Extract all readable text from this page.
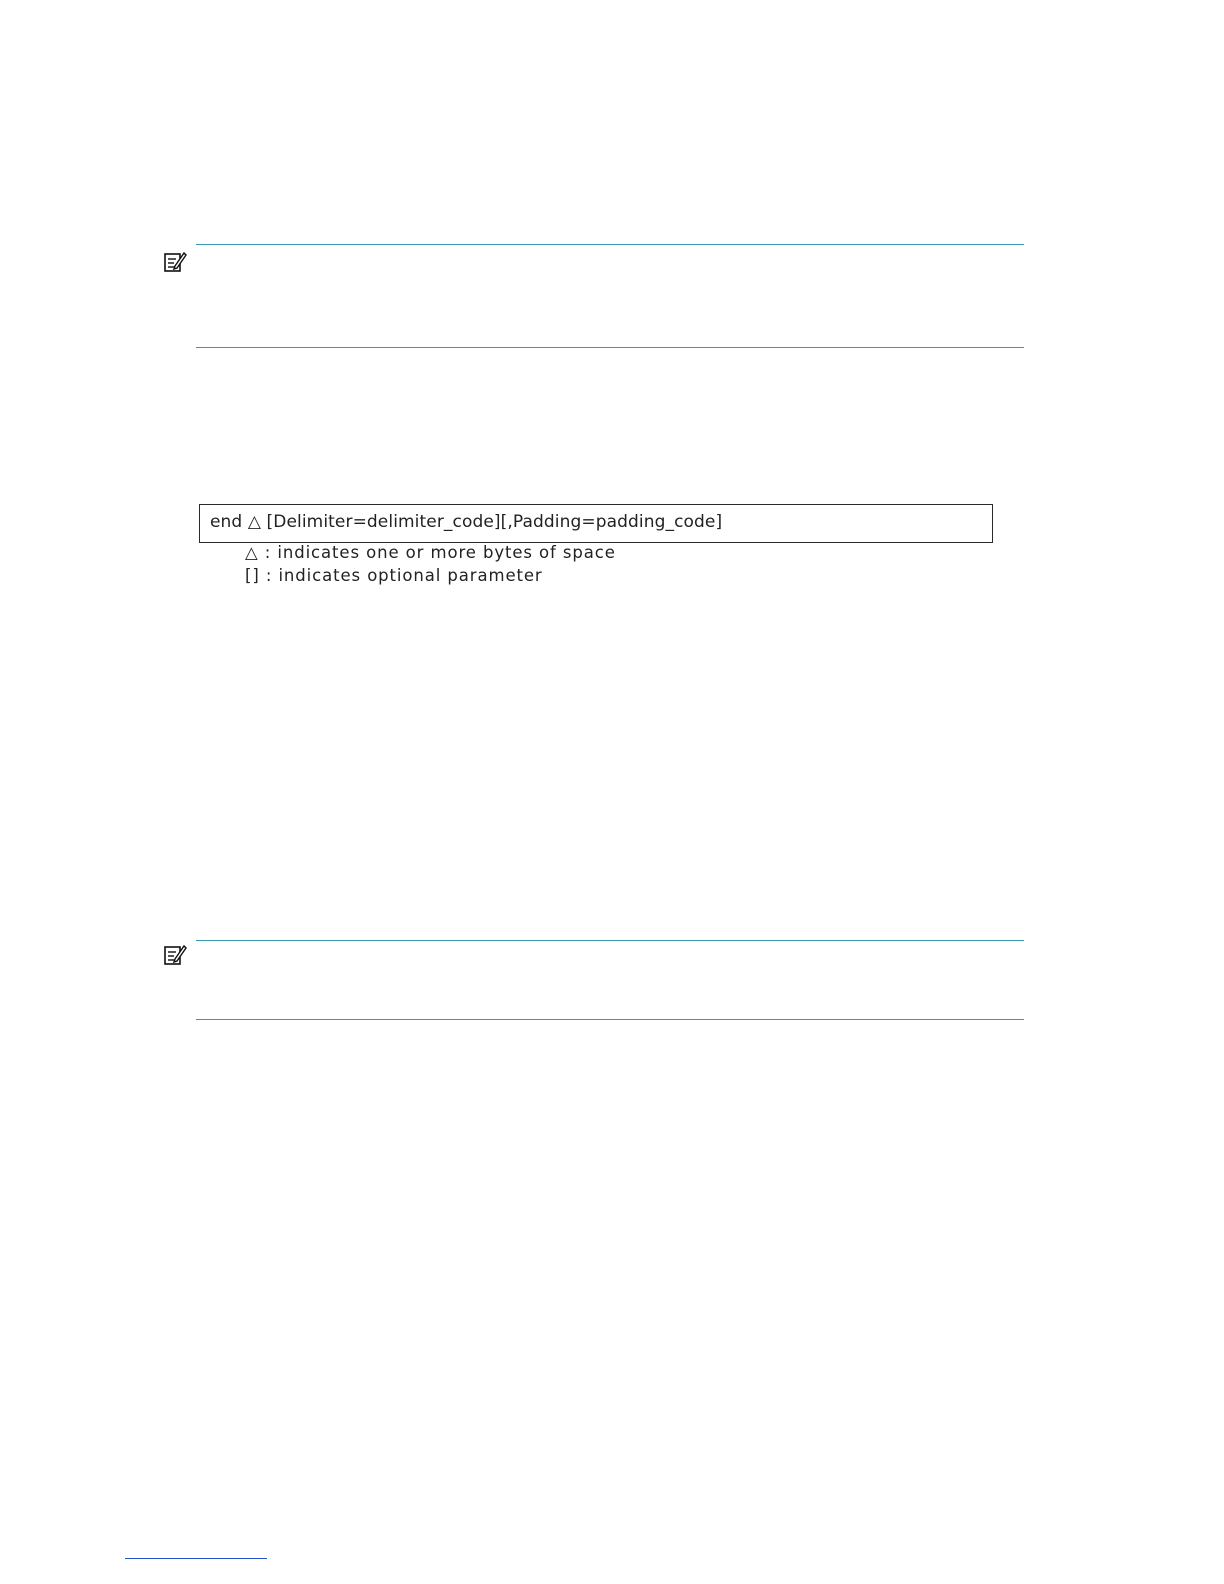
end △ [Delimiter=delimiter_code][,Padding=padding_code]
△ : indicates one or more bytes of space
[] : indicates optional parameter
